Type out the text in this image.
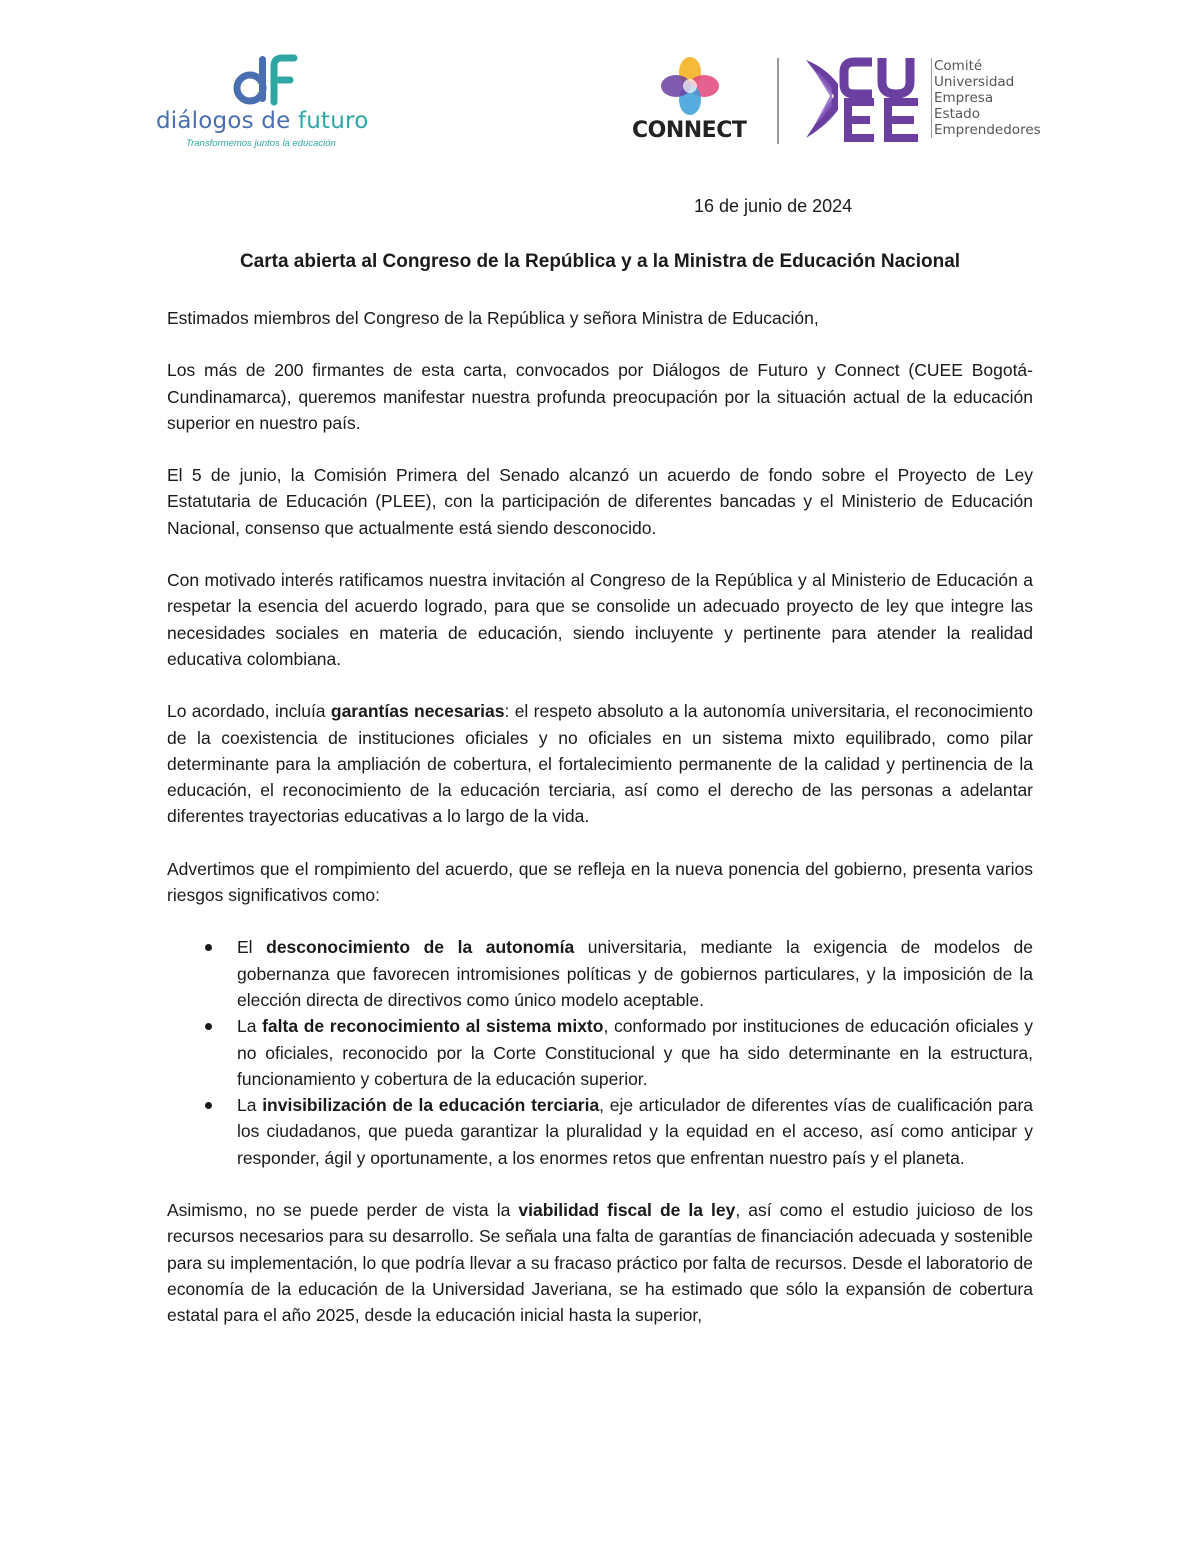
diálogos de futuro
Transformemos juntos la educación
CONNECT
Comité
Universidad
Empresa
Estado
Emprendedores
16 de junio de 2024
Carta abierta al Congreso de la República y a la Ministra de Educación Nacional

Estimados miembros del Congreso de la República y señora Ministra de Educación,

Los más de 200 firmantes de esta carta, convocados por Diálogos de Futuro y Connect (CUEE Bogotá-Cundinamarca), queremos manifestar nuestra profunda preocupación por la situación actual de la educación superior en nuestro país.

El 5 de junio, la Comisión Primera del Senado alcanzó un acuerdo de fondo sobre el Proyecto de Ley Estatutaria de Educación (PLEE), con la participación de diferentes bancadas y el Ministerio de Educación Nacional, consenso que actualmente está siendo desconocido.

Con motivado interés ratificamos nuestra invitación al Congreso de la República y al Ministerio de Educación a respetar la esencia del acuerdo logrado, para que se consolide un adecuado proyecto de ley que integre las necesidades sociales en materia de educación, siendo incluyente y pertinente para atender la realidad educativa colombiana.

Lo acordado, incluía garantías necesarias: el respeto absoluto a la autonomía universitaria, el reconocimiento de la coexistencia de instituciones oficiales y no oficiales en un sistema mixto equilibrado, como pilar determinante para la ampliación de cobertura, el fortalecimiento permanente de la calidad y pertinencia de la educación, el reconocimiento de la educación terciaria, así como el derecho de las personas a adelantar diferentes trayectorias educativas a lo largo de la vida.

Advertimos que el rompimiento del acuerdo, que se refleja en la nueva ponencia del gobierno, presenta varios riesgos significativos como:

El desconocimiento de la autonomía universitaria, mediante la exigencia de modelos de gobernanza que favorecen intromisiones políticas y de gobiernos particulares, y la imposición de la elección directa de directivos como único modelo aceptable.
La falta de reconocimiento al sistema mixto, conformado por instituciones de educación oficiales y no oficiales, reconocido por la Corte Constitucional y que ha sido determinante en la estructura, funcionamiento y cobertura de la educación superior.
La invisibilización de la educación terciaria, eje articulador de diferentes vías de cualificación para los ciudadanos, que pueda garantizar la pluralidad y la equidad en el acceso, así como anticipar y responder, ágil y oportunamente, a los enormes retos que enfrentan nuestro país y el planeta.

Asimismo, no se puede perder de vista la viabilidad fiscal de la ley, así como el estudio juicioso de los recursos necesarios para su desarrollo. Se señala una falta de garantías de financiación adecuada y sostenible para su implementación, lo que podría llevar a su fracaso práctico por falta de recursos. Desde el laboratorio de economía de la educación de la Universidad Javeriana, se ha estimado que sólo la expansión de cobertura estatal para el año 2025, desde la educación inicial hasta la superior,
